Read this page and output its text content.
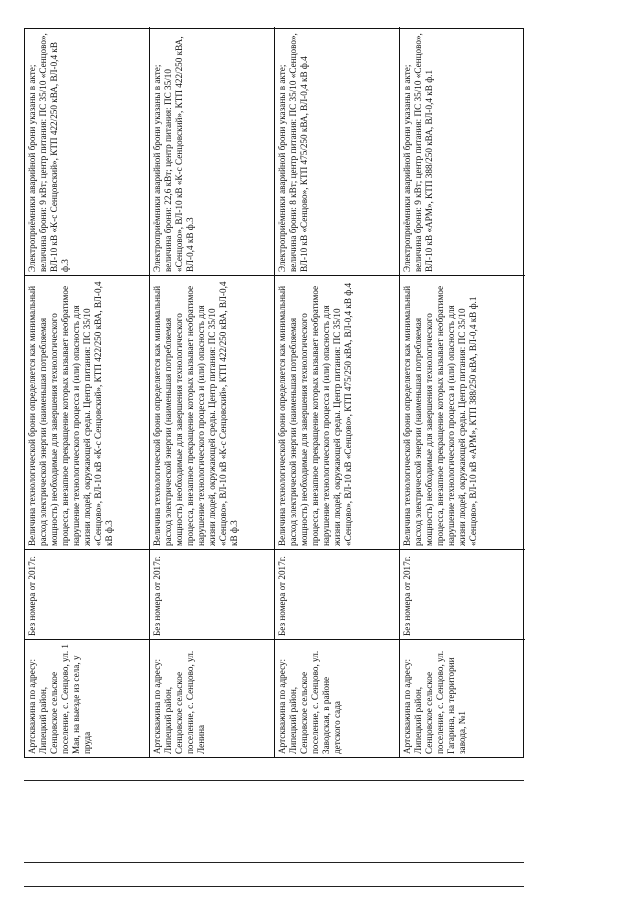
Артскважина по адресу: Липецкий район, Сенцовское сельское поселение, с. Сенцово, ул. 1 Мая, на выезде из села, у пруда
Без номера от 2017г.
Величина технологической брони определяется как минимальный расход электрической энергии (наименьшая потребляемая мощность) необходимые для завершения технологического процесса, внезапное прекращение которых вызывает необратимое нарушение технологического процесса и (или) опасность для жизни людей, окружающей среды. Центр питания: ПС 35/10 «Сенцово», ВЛ-10 кВ «К-с Сенцовский», КТП 422/250 кВА, ВЛ-0,4 кВ ф.3
Электроприёмники аварийной брони указаны в акте; величина брони: 9 кВт; центр питания: ПС 35/10 «Сенцово», ВЛ-10 кВ «К-с Сенцовский», КТП 422/250 кВА, ВЛ-0,4 кВ ф.3
Артскважина по адресу: Липецкий район, Сенцовское сельское поселение, с. Сенцово, ул. Ленина
Без номера от 2017г.
Величина технологической брони определяется как минимальный расход электрической энергии (наименьшая потребляемая мощность) необходимые для завершения технологического процесса, внезапное прекращение которых вызывает необратимое нарушение технологического процесса и (или) опасность для жизни людей, окружающей среды. Центр питания: ПС 35/10 «Сенцово», ВЛ-10 кВ «К-с Сенцовский», КТП 422/250 кВА, ВЛ-0,4 кВ ф.3
Электроприёмники аварийной брони указаны в акте; величина брони: 22,6 кВт; центр питания: ПС 35/10 «Сенцово», ВЛ-10 кВ «К-с Сенцовский», КТП 422/250 кВА, ВЛ-0,4 кВ ф.3
Артскважина по адресу: Липецкий район, Сенцовское сельское поселение, с. Сенцово, ул. Заводская, в районе детского сада
Без номера от 2017г.
Величина технологической брони определяется как минимальный расход электрической энергии (наименьшая потребляемая мощность) необходимые для завершения технологического процесса, внезапное прекращение которых вызывает необратимое нарушение технологического процесса и (или) опасность для жизни людей, окружающей среды. Центр питания: ПС 35/10 «Сенцово», ВЛ-10 кВ «Сенцово», КТП 475/250 кВА, ВЛ-0,4 кВ ф.4
Электроприёмники аварийной брони указаны в акте; величина брони: 8 кВт; центр питания: ПС 35/10 «Сенцово», ВЛ-10 кВ «Сенцово», КТП 475/250 кВА, ВЛ-0,4 кВ ф.4
Артскважина по адресу: Липецкий район, Сенцовское сельское поселение, с. Сенцово, ул. Гагарина, на территории завода, №1
Без номера от 2017г.
Величина технологической брони определяется как минимальный расход электрической энергии (наименьшая потребляемая мощность) необходимые для завершения технологического процесса, внезапное прекращение которых вызывает необратимое нарушение технологического процесса и (или) опасность для жизни людей, окружающей среды. Центр питания: ПС 35/10 «Сенцово», ВЛ-10 кВ «АРМ», КТП 388/250 кВА, ВЛ-0,4 кВ ф.1
Электроприёмники аварийной брони указаны в акте; величина брони: 9 кВт; центр питания: ПС 35/10 «Сенцово», ВЛ-10 кВ «АРМ», КТП 388/250 кВА, ВЛ-0,4 кВ ф.1
